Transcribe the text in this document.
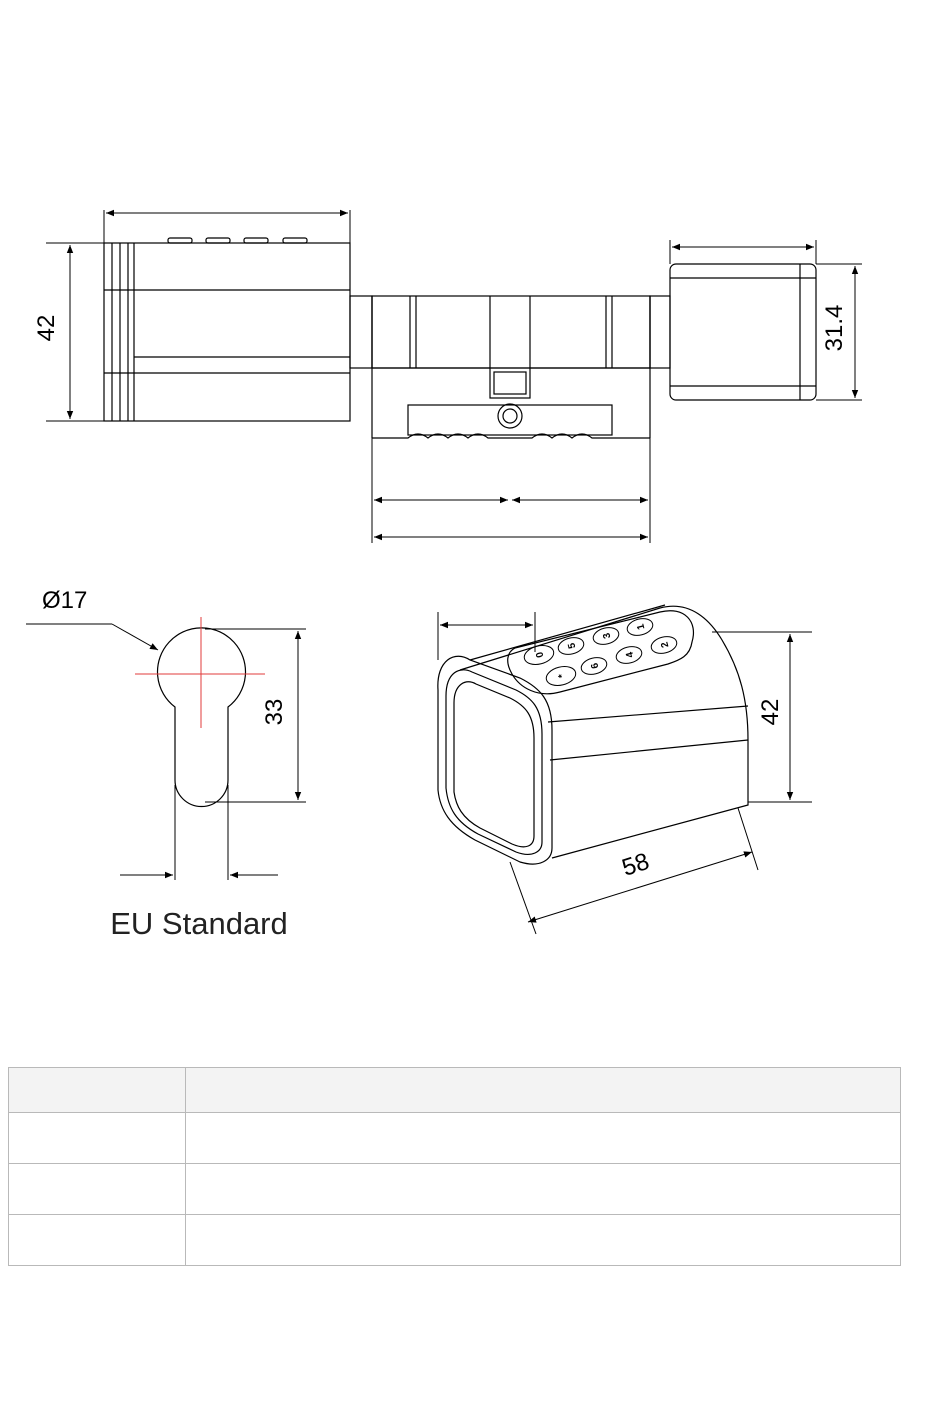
42	31.4
Ø17
33
EU Standard
0
5
3
1
*
6
4
2
42
58
